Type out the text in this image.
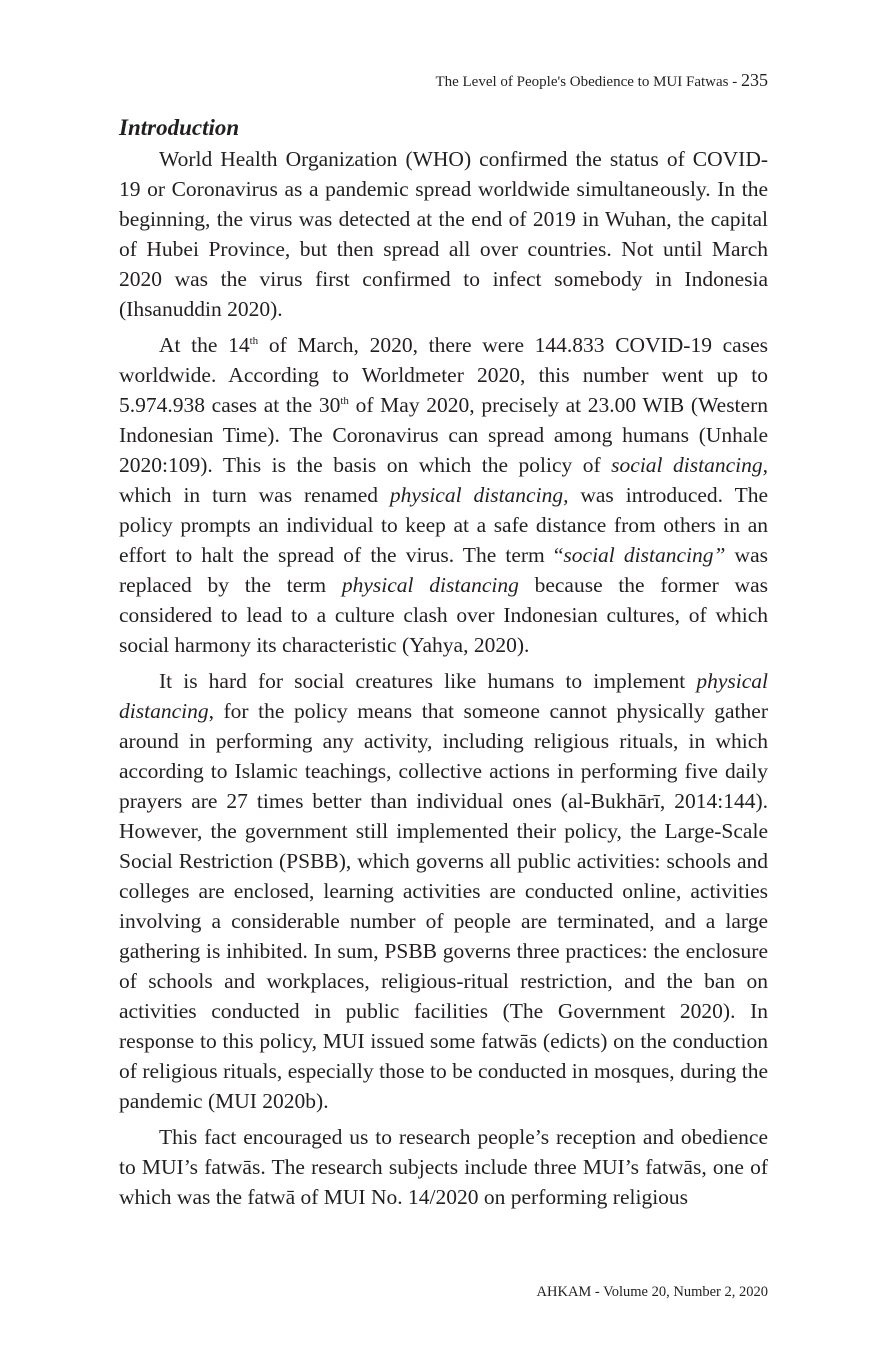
The Level of People's Obedience to MUI Fatwas - 235
Introduction

World Health Organization (WHO) confirmed the status of COVID-19 or Coronavirus as a pandemic spread worldwide simultaneously. In the beginning, the virus was detected at the end of 2019 in Wuhan, the capital of Hubei Province, but then spread all over countries. Not until March 2020 was the virus first confirmed to infect somebody in Indonesia (Ihsanuddin 2020).

At the 14th of March, 2020, there were 144.833 COVID-19 cases worldwide. According to Worldmeter 2020, this number went up to 5.974.938 cases at the 30th of May 2020, precisely at 23.00 WIB (Western Indonesian Time). The Coronavirus can spread among humans (Unhale 2020:109). This is the basis on which the policy of social distancing, which in turn was renamed physical distancing, was introduced. The policy prompts an individual to keep at a safe distance from others in an effort to halt the spread of the virus. The term “social distancing” was replaced by the term physical distancing because the former was considered to lead to a culture clash over Indonesian cultures, of which social harmony its characteristic (Yahya, 2020).

It is hard for social creatures like humans to implement physical distancing, for the policy means that someone cannot physically gather around in performing any activity, including religious rituals, in which according to Islamic teachings, collective actions in performing five daily prayers are 27 times better than individual ones (al-Bukhārī, 2014:144). However, the government still implemented their policy, the Large-Scale Social Restriction (PSBB), which governs all public activities: schools and colleges are enclosed, learning activities are conducted online, activities involving a considerable number of people are terminated, and a large gathering is inhibited. In sum, PSBB governs three practices: the enclosure of schools and workplaces, religious-ritual restriction, and the ban on activities conducted in public facilities (The Government 2020). In response to this policy, MUI issued some fatwās (edicts) on the conduction of religious rituals, especially those to be conducted in mosques, during the pandemic (MUI 2020b).

This fact encouraged us to research people’s reception and obedience to MUI’s fatwās. The research subjects include three MUI’s fatwās, one of which was the fatwā of MUI No. 14/2020 on performing religious

AHKAM - Volume 20, Number 2, 2020
